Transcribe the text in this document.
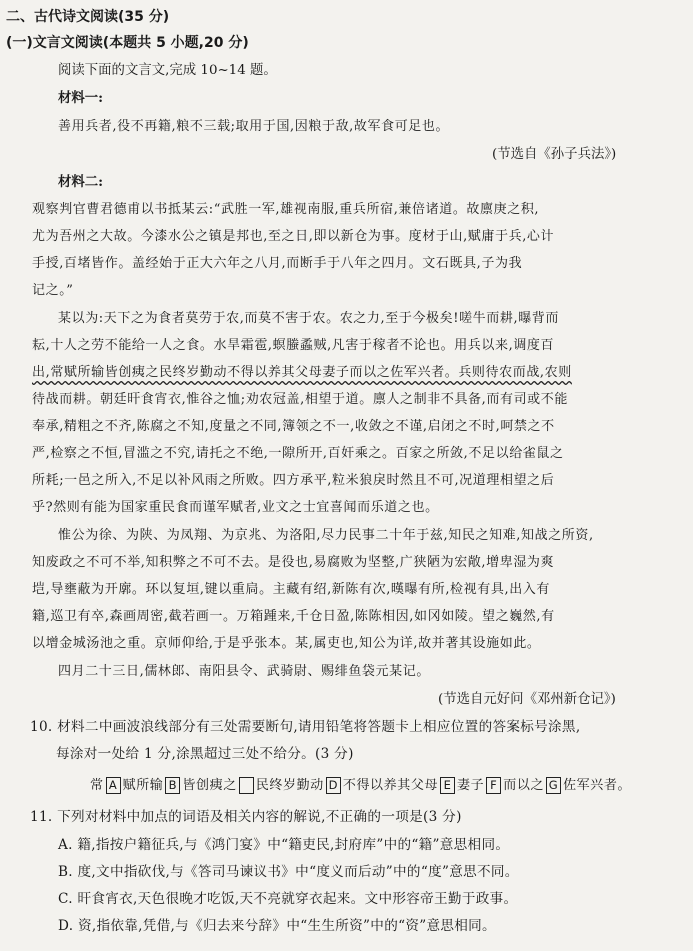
二、古代诗文阅读(35 分)
(一)文言文阅读(本题共 5 小题,20 分)
阅读下面的文言文,完成 10~14 题。
材料一:
善用兵者,役不再籍,粮不三载;取用于国,因粮于敌,故军食可足也。
(节选自《孙子兵法》)
材料二:
观察判官曹君德甫以书抵某云:“武胜一军,雄视南服,重兵所宿,兼倍诸道。故廪庚之积,
尤为吾州之大故。今漆水公之镇是邦也,至之日,即以新仓为事。度材于山,赋庸于兵,心计
手授,百堵皆作。盖经始于正大六年之八月,而断手于八年之四月。文石既具,子为我
记之。”
某以为:天下之为食者莫劳于农,而莫不害于农。农之力,至于今极矣!嗟牛而耕,曝背而
耘,十人之劳不能给一人之食。水旱霜雹,螟螣蟊贼,凡害于稼者不论也。用兵以来,调度百
出,常赋所输皆创痍之民终岁勤动不得以养其父母妻子而以之佐军兴者。兵则待农而战,农则
待战而耕。朝廷旰食宵衣,惟谷之恤;劝农冠盖,相望于道。廪人之制非不具备,而有司或不能
奉承,精粗之不齐,陈腐之不知,度量之不同,簿领之不一,收敛之不谨,启闭之不时,呵禁之不
严,检察之不恒,冒滥之不究,请托之不绝,一隙所开,百奸乘之。百家之所敛,不足以给雀鼠之
所耗;一邑之所入,不足以补风雨之所败。四方承平,粒米狼戾时然且不可,况道理相望之后
乎?然则有能为国家重民食而谨军赋者,业文之士宜喜闻而乐道之也。
惟公为徐、为陕、为凤翔、为京兆、为洛阳,尽力民事二十年于兹,知民之知难,知战之所资,
知废政之不可不举,知积弊之不可不去。是役也,易腐败为坚整,广狭陋为宏敞,增卑湿为爽
垲,导壅蔽为开廓。环以复垣,键以重扃。主藏有绍,新陈有次,暵曝有所,检视有具,出入有
籍,巡卫有卒,森画周密,截若画一。万箱踵来,千仓日盈,陈陈相因,如冈如陵。望之巍然,有
以增金城汤池之重。京师仰给,于是乎张本。某,属吏也,知公为详,故并著其设施如此。
四月二十三日,儒林郎、南阳县令、武骑尉、赐绯鱼袋元某记。
(节选自元好问《邓州新仓记》)
10. 材料二中画波浪线部分有三处需要断句,请用铅笔将答题卡上相应位置的答案标号涂黑,
每涂对一处给 1 分,涂黑超过三处不给分。(3 分)
常 A 赋所输 B 皆创痍之 民终岁勤动 D 不得以养其父母 E 妻子 F 而以之 G 佐军兴者。
11. 下列对材料中加点的词语及相关内容的解说,不正确的一项是(3 分)
A. 籍,指按户籍征兵,与《鸿门宴》中“籍吏民,封府库”中的“籍”意思相同。
B. 度,文中指砍伐,与《答司马谏议书》中“度义而后动”中的“度”意思不同。
C. 旰食宵衣,天色很晚才吃饭,天不亮就穿衣起来。文中形容帝王勤于政事。
D. 资,指依靠,凭借,与《归去来兮辞》中“生生所资”中的“资”意思相同。
